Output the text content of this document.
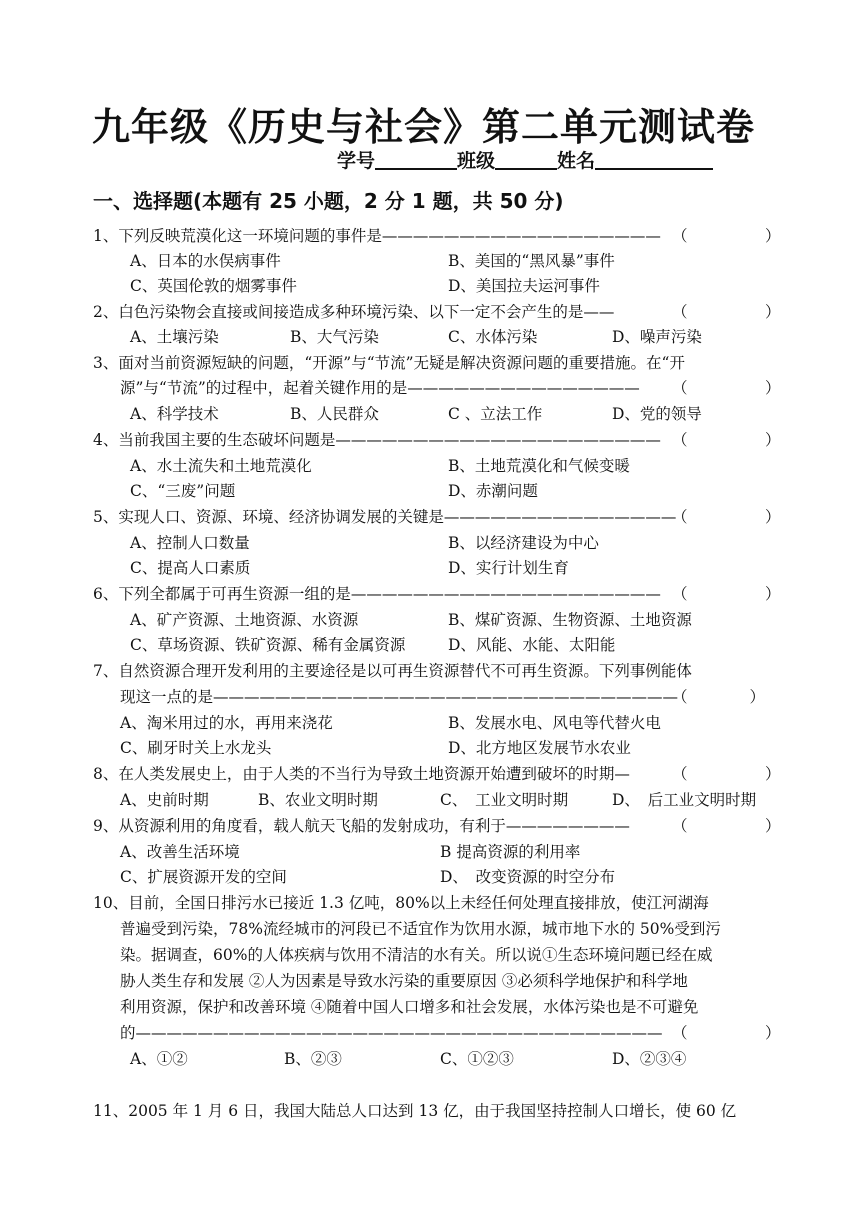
九年级《历史与社会》第二单元测试卷
学号	班级	姓名
一、选择题(本题有 25 小题，2 分 1 题，共 50 分)
1、下列反映荒漠化这一环境问题的事件是—————————————————— （　　　　　）
A、日本的水俣病事件	B、美国的“黑风暴”事件
C、英国伦敦的烟雾事件	D、美国拉夫运河事件
2、白色污染物会直接或间接造成多种环境污染、以下一定不会产生的是——	（　　　　　）
A、土壤污染	B、大气污染	C、水体污染	D、噪声污染
3、面对当前资源短缺的问题，“开源”与“节流”无疑是解决资源问题的重要措施。在“开
源”与“节流”的过程中，起着关键作用的是——————————————— （　　　　　）
A、科学技术	B、人民群众	C 、立法工作	D、党的领导
4、当前我国主要的生态破坏问题是————————————————————— （　　　　　）
A、水土流失和土地荒漠化	B、土地荒漠化和气候变暖
C、“三废”问题	D、赤潮问题
5、实现人口、资源、环境、经济协调发展的关键是———————————————
（　　　　　）
A、控制人口数量	B、以经济建设为中心
C、提高人口素质	D、实行计划生育
6、下列全都属于可再生资源一组的是———————————————————— （　　　　　）
A、矿产资源、土地资源、水资源	B、煤矿资源、生物资源、土地资源
C、草场资源、铁矿资源、稀有金属资源	D、风能、水能、太阳能
7、自然资源合理开发利用的主要途径是以可再生资源替代不可再生资源。下列事例能体
现这一点的是——————————————————————————————
（　　　　）
A、淘米用过的水，再用来浇花	B、发展水电、风电等代替火电
C、刷牙时关上水龙头	D、北方地区发展节水农业
8、在人类发展史上，由于人类的不当行为导致土地资源开始遭到破坏的时期—	（　　　　　）
A、史前时期	B、农业文明时期	C、　工业文明时期	D、　后工业文明时期
9、从资源利用的角度看，载人航天飞船的发射成功，有利于————————	（　　　　　）
A、改善生活环境	B 提高资源的利用率
C、扩展资源开发的空间	D、　改变资源的时空分布
10、目前，全国日排污水已接近 1.3 亿吨，80%以上未经任何处理直接排放，使江河湖海
普遍受到污染，78%流经城市的河段已不适宜作为饮用水源，城市地下水的 50%受到污
染。据调查，60%的人体疾病与饮用不清洁的水有关。所以说①生态环境问题已经在威
胁人类生存和发展 ②人为因素是导致水污染的重要原因 ③必须科学地保护和科学地
利用资源，保护和改善环境 ④随着中国人口增多和社会发展，水体污染也是不可避免
的—————————————————————————————————— （　　　　　）
A、①②	B、②③	C、①②③	D、②③④
11、2005 年 1 月 6 日，我国大陆总人口达到 13 亿，由于我国坚持控制人口增长，使 60 亿
